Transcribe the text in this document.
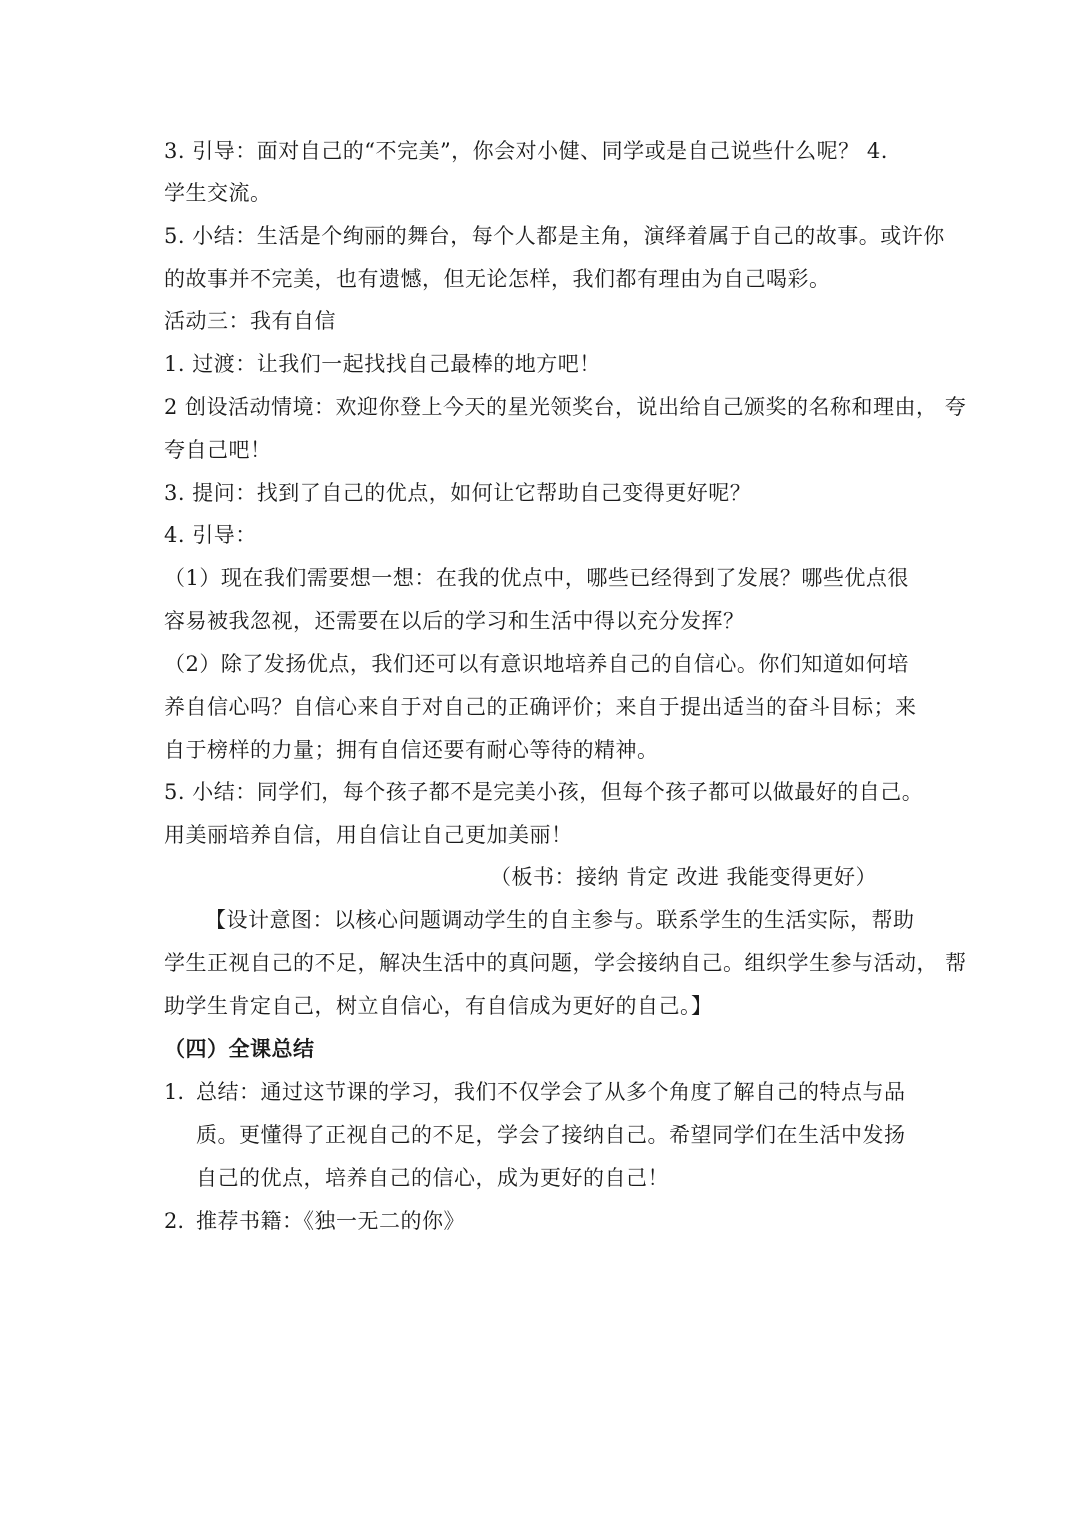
3. 引导：面对自己的“不完美”，你会对小健、同学或是自己说些什么呢？ 4.
学生交流。
5. 小结：生活是个绚丽的舞台，每个人都是主角，演绎着属于自己的故事。或许你
的故事并不完美，也有遗憾，但无论怎样，我们都有理由为自己喝彩。
活动三：我有自信
1. 过渡：让我们一起找找自己最棒的地方吧！
2 创设活动情境：欢迎你登上今天的星光领奖台，说出给自己颁奖的名称和理由， 夸
夸自己吧！
3. 提问：找到了自己的优点，如何让它帮助自己变得更好呢？
4. 引导：
（1）现在我们需要想一想：在我的优点中，哪些已经得到了发展？哪些优点很
容易被我忽视，还需要在以后的学习和生活中得以充分发挥？
（2）除了发扬优点，我们还可以有意识地培养自己的自信心。你们知道如何培
养自信心吗？自信心来自于对自己的正确评价；来自于提出适当的奋斗目标；来
自于榜样的力量；拥有自信还要有耐心等待的精神。
5. 小结：同学们，每个孩子都不是完美小孩，但每个孩子都可以做最好的自己。
用美丽培养自信，用自信让自己更加美丽！
（板书：接纳 肯定 改进 我能变得更好）
【设计意图：以核心问题调动学生的自主参与。联系学生的生活实际，帮助
学生正视自己的不足，解决生活中的真问题，学会接纳自己。组织学生参与活动， 帮
助学生肯定自己，树立自信心，有自信成为更好的自己。】
（四）全课总结
1. 总结：通过这节课的学习，我们不仅学会了从多个角度了解自己的特点与品
质。更懂得了正视自己的不足，学会了接纳自己。希望同学们在生活中发扬
自己的优点，培养自己的信心，成为更好的自己！
2. 推荐书籍：《独一无二的你》
